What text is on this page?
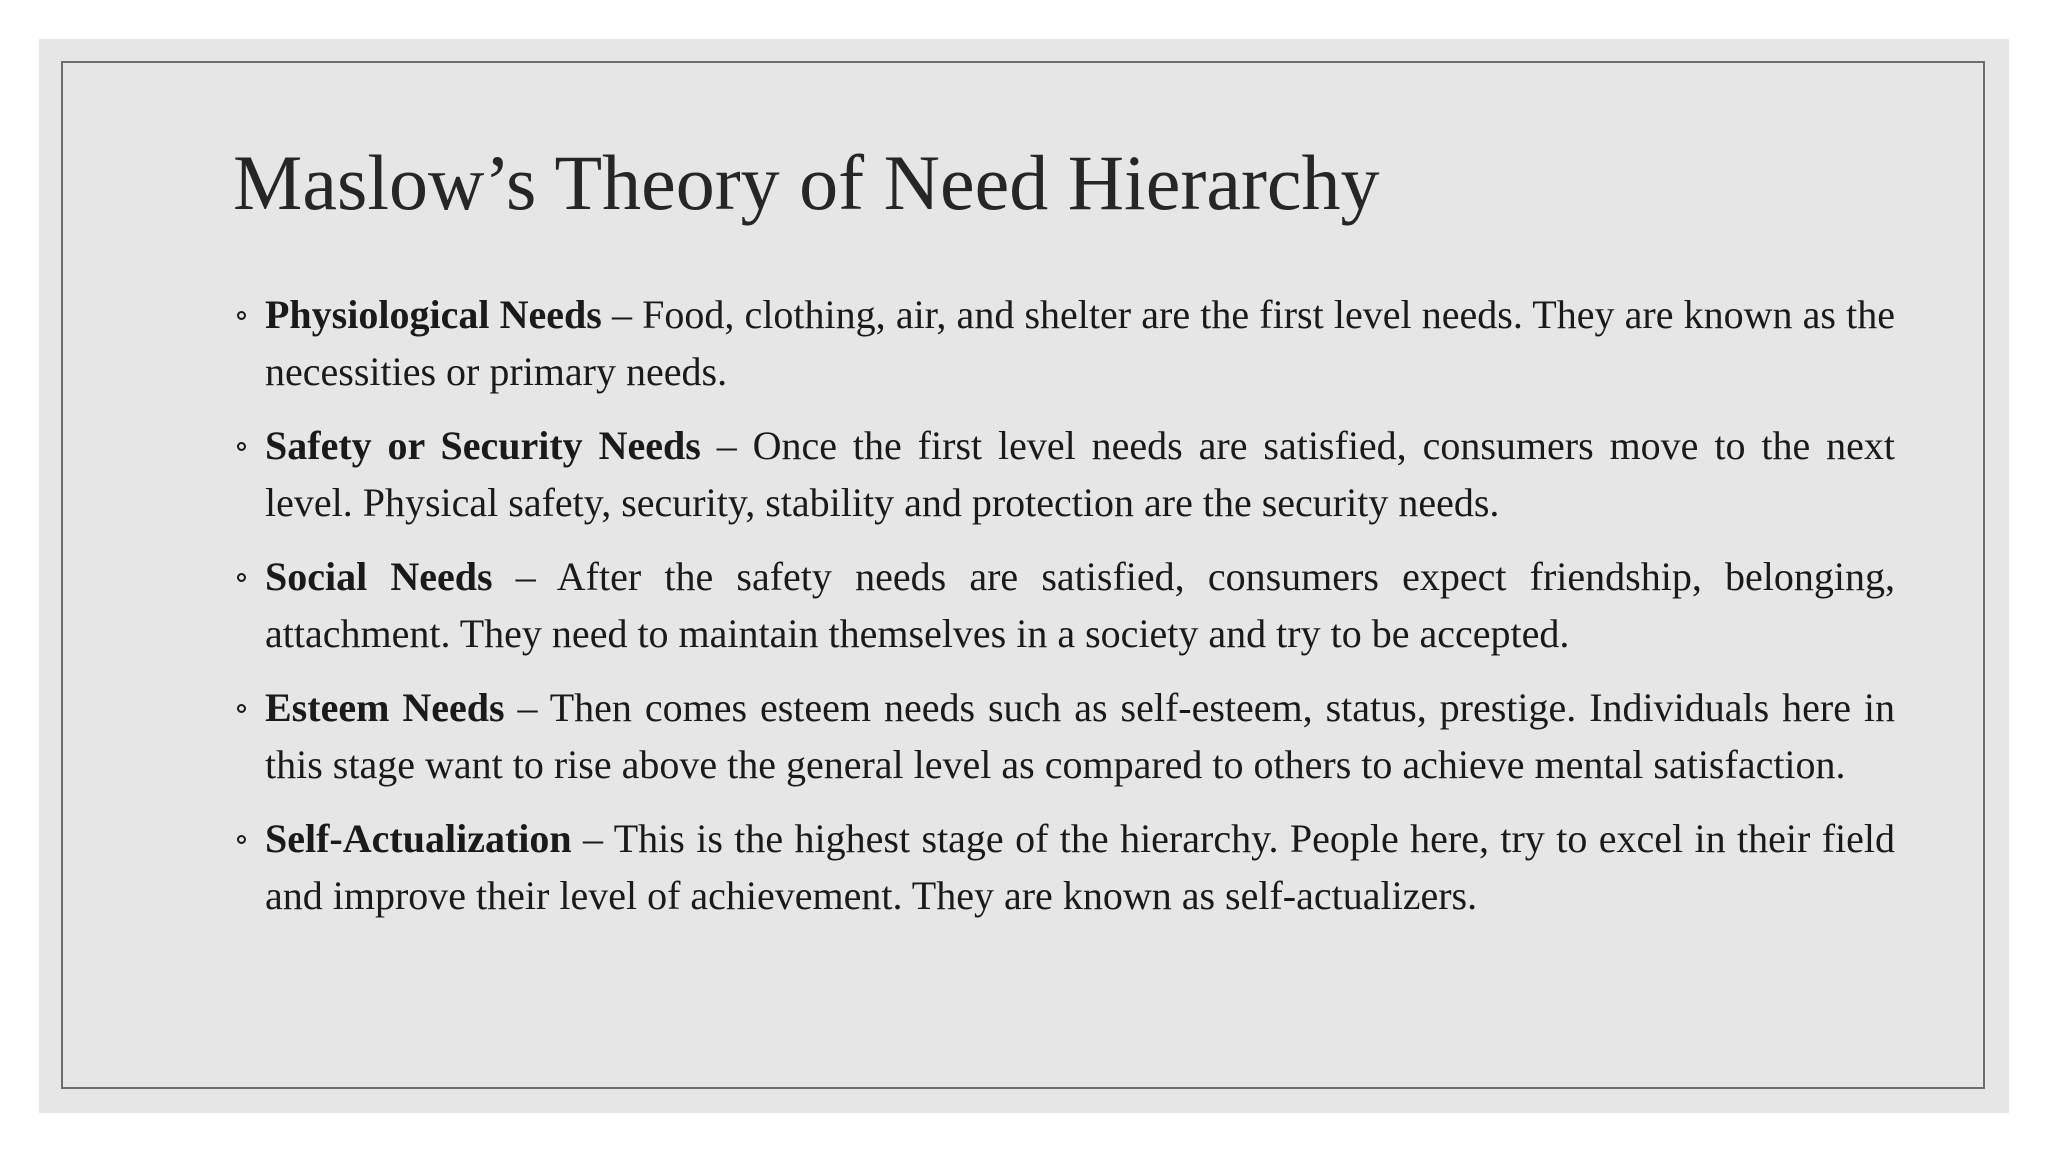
Maslow’s Theory of Need Hierarchy
Physiological Needs – Food, clothing, air, and shelter are the first level needs. They are known as the necessities or primary needs.
Safety or Security Needs – Once the first level needs are satisfied, consumers move to the next level. Physical safety, security, stability and protection are the security needs.
Social Needs – After the safety needs are satisfied, consumers expect friendship, belonging, attachment. They need to maintain themselves in a society and try to be accepted.
Esteem Needs – Then comes esteem needs such as self-esteem, status, prestige. Individuals here in this stage want to rise above the general level as compared to others to achieve mental satisfaction.
Self-Actualization – This is the highest stage of the hierarchy. People here, try to excel in their field and improve their level of achievement. They are known as self-actualizers.
